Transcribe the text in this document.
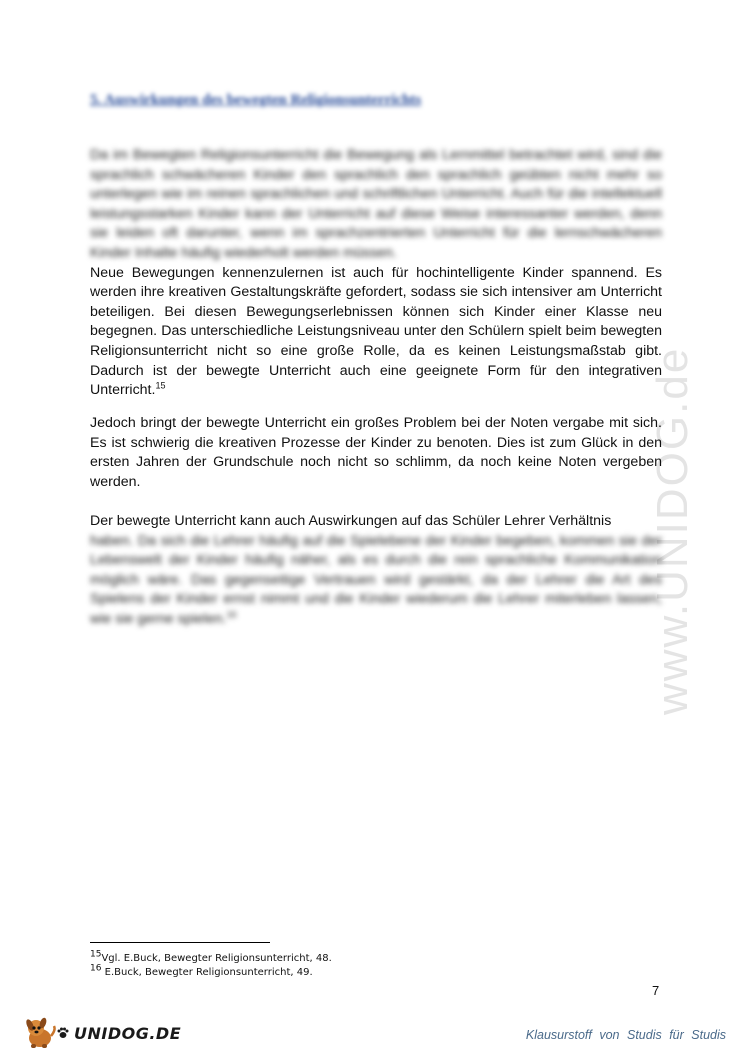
www.UNIDOG.de
5. Auswirkungen des bewegten Religionsunterrichts

Da im Bewegten Religionsunterricht die Bewegung als Lernmittel betrachtet wird, sind die sprachlich schwächeren Kinder den sprachlich den sprachlich geübten nicht mehr so unterlegen wie im reinen sprachlichen und schriftlichen Unterricht. Auch für die intellektuell leistungsstarken Kinder kann der Unterricht auf diese Weise interessanter werden, denn sie leiden oft darunter, wenn im sprachzentrierten Unterricht für die lernschwächeren Kinder Inhalte häufig wiederholt werden müssen.

Neue Bewegungen kennenzulernen ist auch für hochintelligente Kinder spannend. Es werden ihre kreativen Gestaltungskräfte gefordert, sodass sie sich intensiver am Unterricht beteiligen. Bei diesen Bewegungserlebnissen können sich Kinder einer Klasse neu begegnen. Das unterschiedliche Leistungsniveau unter den Schülern spielt beim bewegten Religionsunterricht nicht so eine große Rolle, da es keinen Leistungsmaßstab gibt. Dadurch ist der bewegte Unterricht auch eine geeignete Form für den integrativen Unterricht.$^{15}$

Jedoch bringt der bewegte Unterricht ein großes Problem bei der Noten vergabe mit sich. Es ist schwierig die kreativen Prozesse der Kinder zu benoten. Dies ist zum Glück in den ersten Jahren der Grundschule noch nicht so schlimm, da noch keine Noten vergeben werden.

Der bewegte Unterricht kann auch Auswirkungen auf das Schüler Lehrer Verhältnis

haben. Da sich die Lehrer häufig auf die Spielebene der Kinder begeben, kommen sie der Lebenswelt der Kinder häufig näher, als es durch die rein sprachliche Kommunikation möglich wäre. Das gegenseitige Vertrauen wird gestärkt, da der Lehrer die Art des Spielens der Kinder ernst nimmt und die Kinder wiederum die Lehrer miterleben lassen, wie sie gerne spielen.$^{16}$

$^{15}$Vgl. E.Buck, Bewegter Religionsunterricht, 48.
$^{16}$ E.Buck, Bewegter Religionsunterricht, 49.
7
UNIDOG.DE	Klausurstoff von Studis für Studis
